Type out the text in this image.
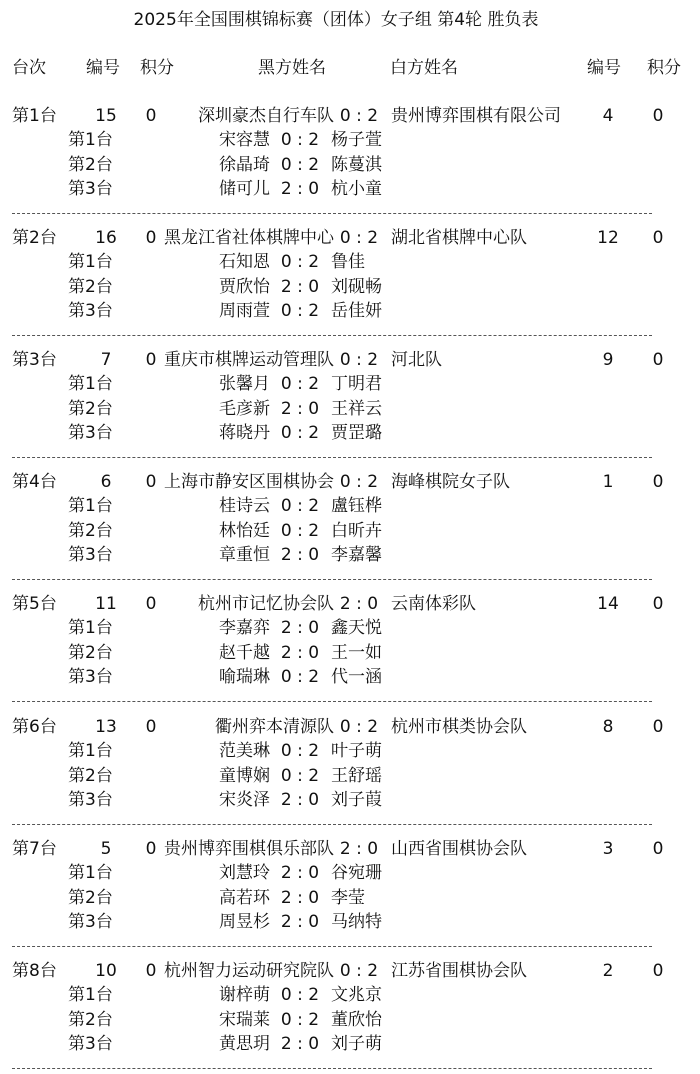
2025年全国围棋锦标赛（团体）女子组 第4轮 胜负表
台次 编号 积分	黑方姓名	白方姓名	编号 积分
第1台 15 0 深圳豪杰自行车队 0 : 2 贵州博弈围棋有限公司 4 0
第1台	宋容慧 0 : 2 杨子萱
第2台	徐晶琦 0 : 2 陈蔓淇
第3台	储可儿 2 : 0 杭小童
第2台 16 0 黑龙江省社体棋牌中心 0 : 2 湖北省棋牌中心队	12 0
第1台	石知恩 0 : 2 鲁佳
第2台	贾欣怡 2 : 0 刘砚畅
第3台	周雨萱 0 : 2 岳佳妍
第3台	7 0 重庆市棋牌运动管理队 0 : 2 河北队	9 0
第1台	张馨月 0 : 2 丁明君
第2台	毛彦新 2 : 0 王祥云
第3台	蒋晓丹 0 : 2 贾罡璐
第4台	6 0 上海市静安区围棋协会 0 : 2 海峰棋院女子队	1 0
第1台	桂诗云 0 : 2 盧钰桦
第2台	林怡廷 0 : 2 白昕卉
第3台	章重恒 2 : 0 李嘉馨
第5台 11 0 杭州市记忆协会队 2 : 0 云南体彩队	14 0
第1台	李嘉弈 2 : 0 鑫天悦
第2台	赵千越 2 : 0 王一如
第3台	喻瑞琳 0 : 2 代一涵
第6台 13 0	衢州弈本清源队 0 : 2 杭州市棋类协会队	8 0
第1台	范美琳 0 : 2 叶子萌
第2台	童博娴 0 : 2 王舒瑶
第3台	宋炎泽 2 : 0 刘子葭
第7台	5 0 贵州博弈围棋俱乐部队 2 : 0 山西省围棋协会队	3 0
第1台	刘慧玲 2 : 0 谷宛珊
第2台	高若环 2 : 0 李莹
第3台	周昱杉 2 : 0 马纳特
第8台 10 0 杭州智力运动研究院队 0 : 2 江苏省围棋协会队	2 0
第1台	谢梓萌 0 : 2 文兆京
第2台	宋瑞莱 0 : 2 董欣怡
第3台	黄思玥 2 : 0 刘子萌
